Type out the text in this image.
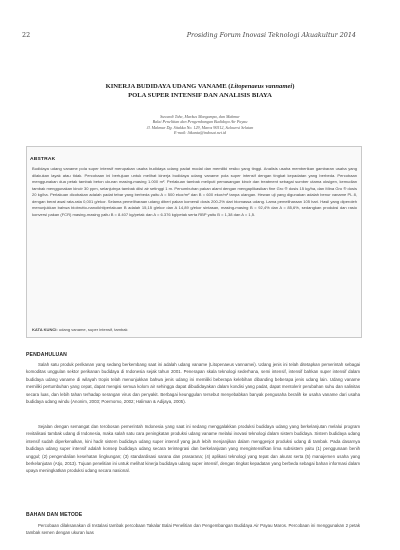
22	Prosiding Forum Inovasi Teknologi Akuakultur 2014
KINERJA BUDIDAYA UDANG VANAME (Litopenaeus vannamei)
POLA SUPER INTENSIF DAN ANALISIS BIAYA
Suwardi Tahe, Markus Mangampa, dan Makmur
Balai Penelitian dan Pengembangan Budidaya Air Payau
Jl. Makmur Dg. Sitakka No. 129, Maros 90512, Sulawesi Selatan
E-mail: litkanta@indosat.net.id
ABSTRAK
Budidaya udang vaname pola super intensif merupakan usaha budidaya udang padat modal dan memiliki resiko yang tinggi. Analisis usaha memberikan gambaran usaha yang dilakukan layak atau tidak. Percobaan ini bertujuan untuk melihat kinerja budidaya udang vaname pola super intensif dengan tingkat kepadatan yang berbeda. Percobaan menggunakan dua petak tambak beton ukuran masing-masing 1.000 m². Perlakuan tambak meliputi pemasangan kincir dan treatment sebagai sumber utama oksigen, kemudian tambak menggunakan kincir 30 ppm, selanjutnya tambak diisi air setinggi 1 m. Penumbuhan pakan alami dengan mengaplikasikan fine Gro ® dosis 15 kg/ha, dan Mina Gro ® dosis 20 kg/ha. Perlakuan dicobakan adalah padat tebar yang berbeda yaitu A = 500 ekor/m² dan B = 600 ekor/m² tanpa ulangan. Hewan uji yang digunakan adalah benur vaname PL 8, dengan berat awal rata-rata 0,001 g/ekor. Selama pemeliharaan udang diberi pakan komersil dosis 200-2% dari biomassa udang. Lama pemeliharaan 105 hari. Hasil yang diperoleh menunjukkan bahwa biobrutto-nanoikhtiperlakuan B adalah 15,15 g/ekor dan A 14,89 g/ekor sintasan, masing-masing B = 92,4% dan A = 85,6%, sedangkan produksi dan rasio konversi pakan (FCR) masing-masing yaitu B = 8.407 kg/petak dan A = 6.376 kg/petak serta RBP yaitu B = 1,38 dan A = 1,5.
KATA KUNCI: udang vaname, super intensif, tambak
PENDAHULUAN

Salah satu produk perikanan yang sedang berkembang saat ini adalah udang vaname (Litopenaeus vannamei). Udang jenis ini telah ditetapkan pemerintah sebagai komoditas unggulan sektor perikanan budidaya di Indonesia sejak tahun 2001. Penerapan skala teknologi sederhana, semi intensif, intensif bahkan super intensif dalam budidaya udang vaname di wilayah tropis telah menunjukkan bahwa jenis udang ini memiliki beberapa kelebihan dibanding beberapa jenis udang lain. Udang vaname memiliki pertumbuhan yang cepat, dapat mengisi semua kolom air sehingga dapat dibudidayakan dalam kondisi yang padat, dapat mentolerir perubahan suhu dan salinitas secara luas, dan lebih tahan terhadap serangan virus dan penyakit. Berbagai keunggulan tersebut menyebabkan banyak pengusaha beralih ke usaha vaname dari usaha budidaya udang windu (Anonim, 2003; Poernomo, 2002; Haliman & Adijaya, 2005).

Sejalan dengan semangat dan terobosan pemerintah Indonesia yang saat ini sedang menggalakkan produksi budidaya udang yang berkelanjutan melalui program revitalisasi tambak udang di Indonesia, maka salah satu cara peningkatan produksi udang vaname melalui inovasi teknologi dalam sistem budidaya. Sistem budidaya udang intensif sudah diperkenalkan, kini hadir sistem budidaya udang super intensif yang jauh lebih menjanjikan dalam menggenjot produksi udang di tambak. Pada dasarnya budidaya udang super intensif adalah konsep budidaya udang secara terintegrasi dan berkelanjutan yang mengintensifkan lima subsistem yaitu (1) penggunaan benih unggul; (2) pengendalian kesehatan lingkungan; (3) standardisasi sarana dan prasarana; (4) aplikasi teknologi yang tepat dan akurat serta (5) manajemen usaha yang berkelanjutan (Atjo, 2013). Tujuan penelitian ini untuk melihat kinerja budidaya udang super intensif, dengan tingkat kepadatan yang berbeda sebagai bahan informasi dalam upaya meningkatkan produksi udang secara nasional.

BAHAN DAN METODE

Percobaan dilaksanakan di Instalasi tambak percobaan Takalar Balai Penelitian dan Pengembangan Budidaya Air Payau Maros. Percobaan ini menggunakan 2 petak tambak semen dengan ukuran luas
